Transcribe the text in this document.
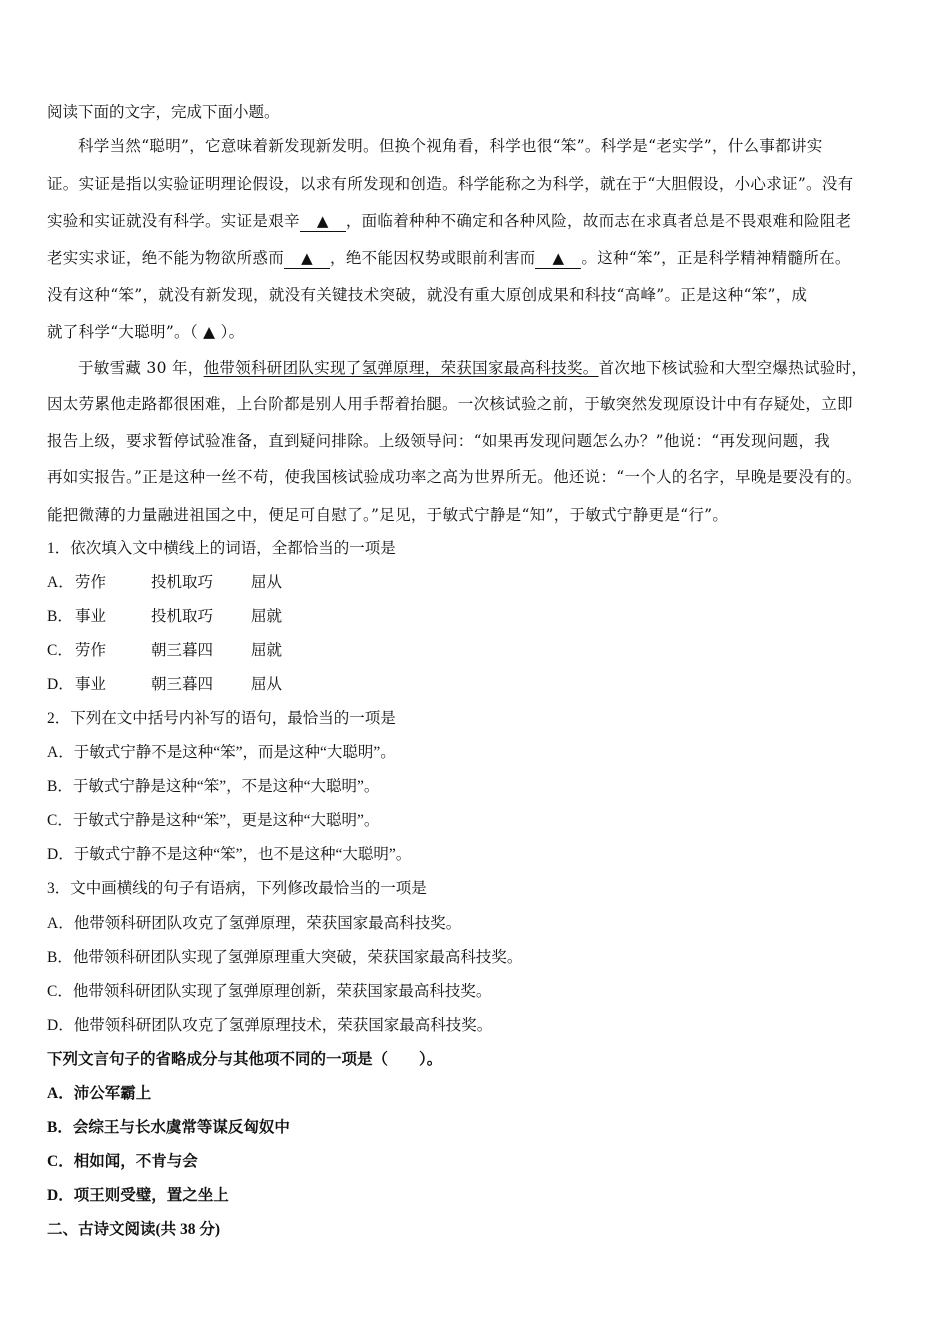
阅读下面的文字，完成下面小题。
科学当然“聪明”，它意味着新发现新发明。但换个视角看，科学也很“笨”。科学是“老实学”，什么事都讲实
证。实证是指以实验证明理论假设，以求有所发现和创造。科学能称之为科学，就在于“大胆假设，小心求证”。没有
实验和实证就没有科学。实证是艰辛 ▲ ，面临着种种不确定和各种风险，故而志在求真者总是不畏艰难和险阻老
老实实求证，绝不能为物欲所惑而 ▲ ，绝不能因权势或眼前利害而 ▲ 。这种“笨”，正是科学精神精髓所在。
没有这种“笨”，就没有新发现，就没有关键技术突破，就没有重大原创成果和科技“高峰”。正是这种“笨”，成
就了科学“大聪明”。（ ▲ ）。
于敏雪藏 30 年，他带领科研团队实现了氢弹原理，荣获国家最高科技奖。首次地下核试验和大型空爆热试验时，
因太劳累他走路都很困难，上台阶都是别人用手帮着抬腿。一次核试验之前，于敏突然发现原设计中有存疑处，立即
报告上级，要求暂停试验准备，直到疑问排除。上级领导问：“如果再发现问题怎么办？”他说：“再发现问题，我
再如实报告。”正是这种一丝不苟，使我国核试验成功率之高为世界所无。他还说：“一个人的名字，早晚是要没有的。
能把微薄的力量融进祖国之中，便足可自慰了。”足见，于敏式宁静是“知”，于敏式宁静更是“行”。
1．依次填入文中横线上的词语，全都恰当的一项是
A．劳作	投机取巧 屈从
B． 事业	投机取巧 屈就
C． 劳作	朝三暮四 屈就
D．事业	朝三暮四 屈从
2．下列在文中括号内补写的语句，最恰当的一项是
A．于敏式宁静不是这种“笨”，而是这种“大聪明”。
B．于敏式宁静是这种“笨”，不是这种“大聪明”。
C．于敏式宁静是这种“笨”，更是这种“大聪明”。
D．于敏式宁静不是这种“笨”，也不是这种“大聪明”。
3．文中画横线的句子有语病，下列修改最恰当的一项是
A．他带领科研团队攻克了氢弹原理，荣获国家最高科技奖。
B．他带领科研团队实现了氢弹原理重大突破，荣获国家最高科技奖。
C．他带领科研团队实现了氢弹原理创新，荣获国家最高科技奖。
D．他带领科研团队攻克了氢弹原理技术，荣获国家最高科技奖。
下列文言句子的省略成分与其他项不同的一项是（　　）。
A．沛公军霸上
B．会综王与长水虞常等谋反匈奴中
C．相如闻，不肯与会
D．项王则受璧，置之坐上
二、古诗文阅读(共 38 分)
